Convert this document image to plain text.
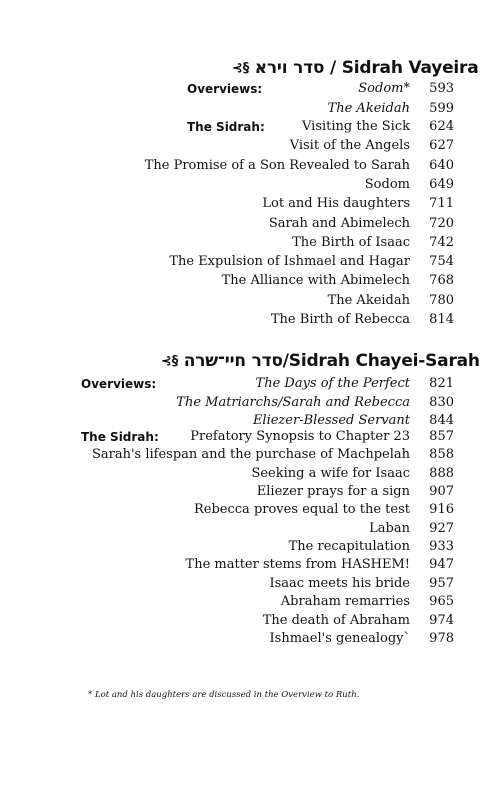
⊰§ סדר וירא / Sidrah Vayeira
Overviews:
The Sidrah:
Sodom*	593
The Akeidah	599
Visiting the Sick	624
Visit of the Angels	627
The Promise of a Son Revealed to Sarah	640
Sodom	649
Lot and His daughters	711
Sarah and Abimelech	720
The Birth of Isaac	742
The Expulsion of Ishmael and Hagar	754
The Alliance with Abimelech	768
The Akeidah	780
The Birth of Rebecca	814
⊰§ סדר חיי־שרה/Sidrah Chayei-Sarah
Overviews:
The Sidrah:
The Days of the Perfect	821
The Matriarchs/Sarah and Rebecca	830
Eliezer-Blessed Servant	844
Prefatory Synopsis to Chapter 23	857
Sarah's lifespan and the purchase of Machpelah	858
Seeking a wife for Isaac	888
Eliezer prays for a sign	907
Rebecca proves equal to the test	916
Laban	927
The recapitulation	933
The matter stems from HASHEM!	947
Isaac meets his bride	957
Abraham remarries	965
The death of Abraham	974
Ishmael's genealogy`	978
* Lot and his daughters are discussed in the Overview to Ruth.
